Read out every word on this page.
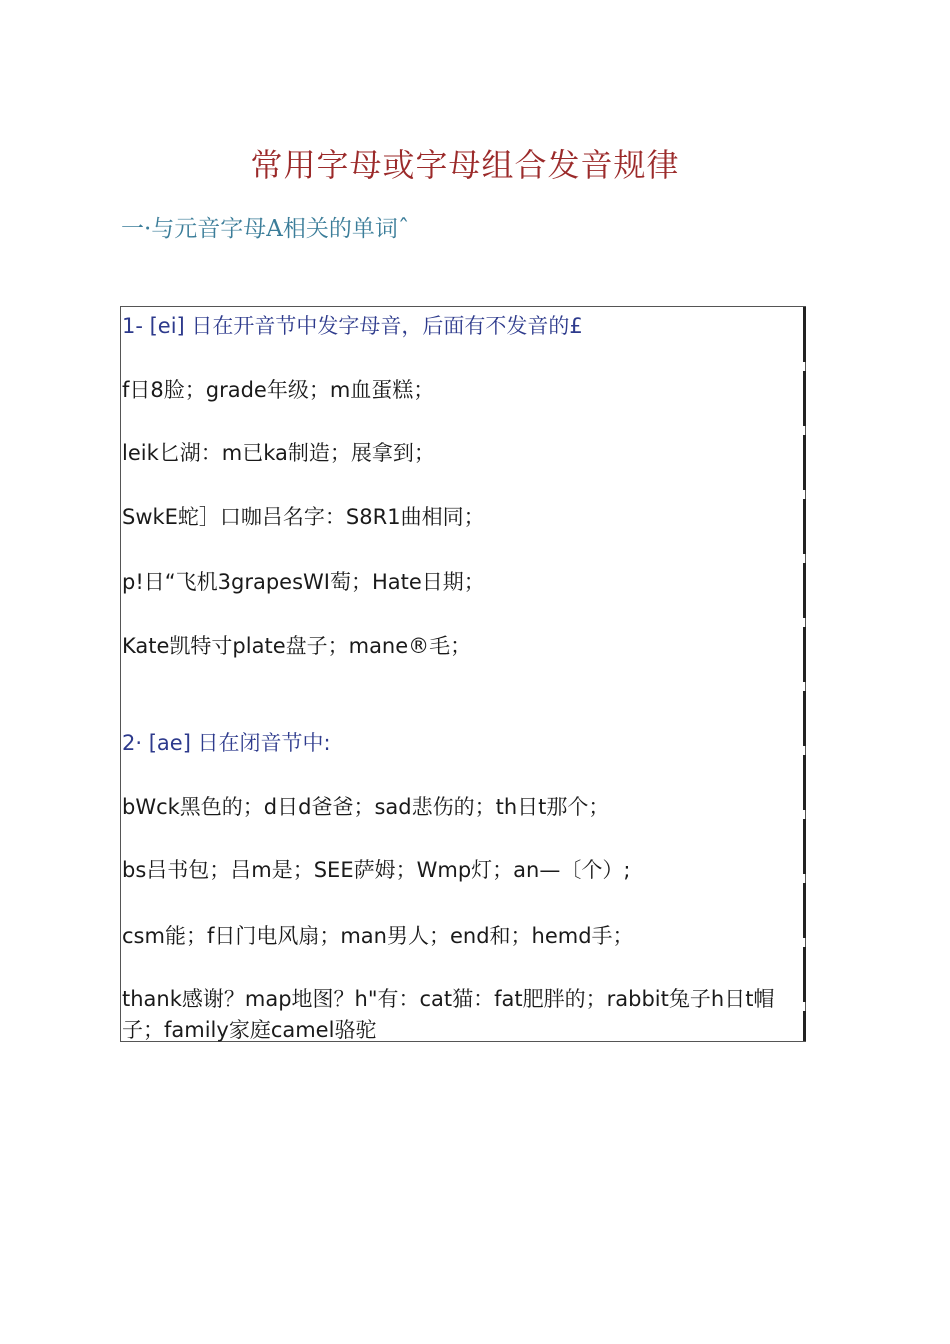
常用字母或字母组合发音规律
一·与元音字母A相关的单词ˆ
1- [ei] 日在开音节中发字母音，后面有不发音的£
f日8脸；grade年级；m血蛋糕；
leik匕湖：m已ka制造；展拿到；
SwkE蛇］口咖吕名字：S8R1曲相同；
p!日“飞机3grapesWI萄；Hate日期；
Kate凯特寸plate盘子；mane®毛；
2· [ae] 日在闭音节中:
bWck黑色的；d日d爸爸；sad悲伤的；th日t那个；
bs吕书包；吕m是；SEE萨姆；Wmp灯；an—〔个）;
csm能；f日门电风扇；man男人；end和；hemd手；
thank感谢？map地图？h"有：cat猫：fat肥胖的；rabbit兔子h日t帽子；family家庭camel骆驼
